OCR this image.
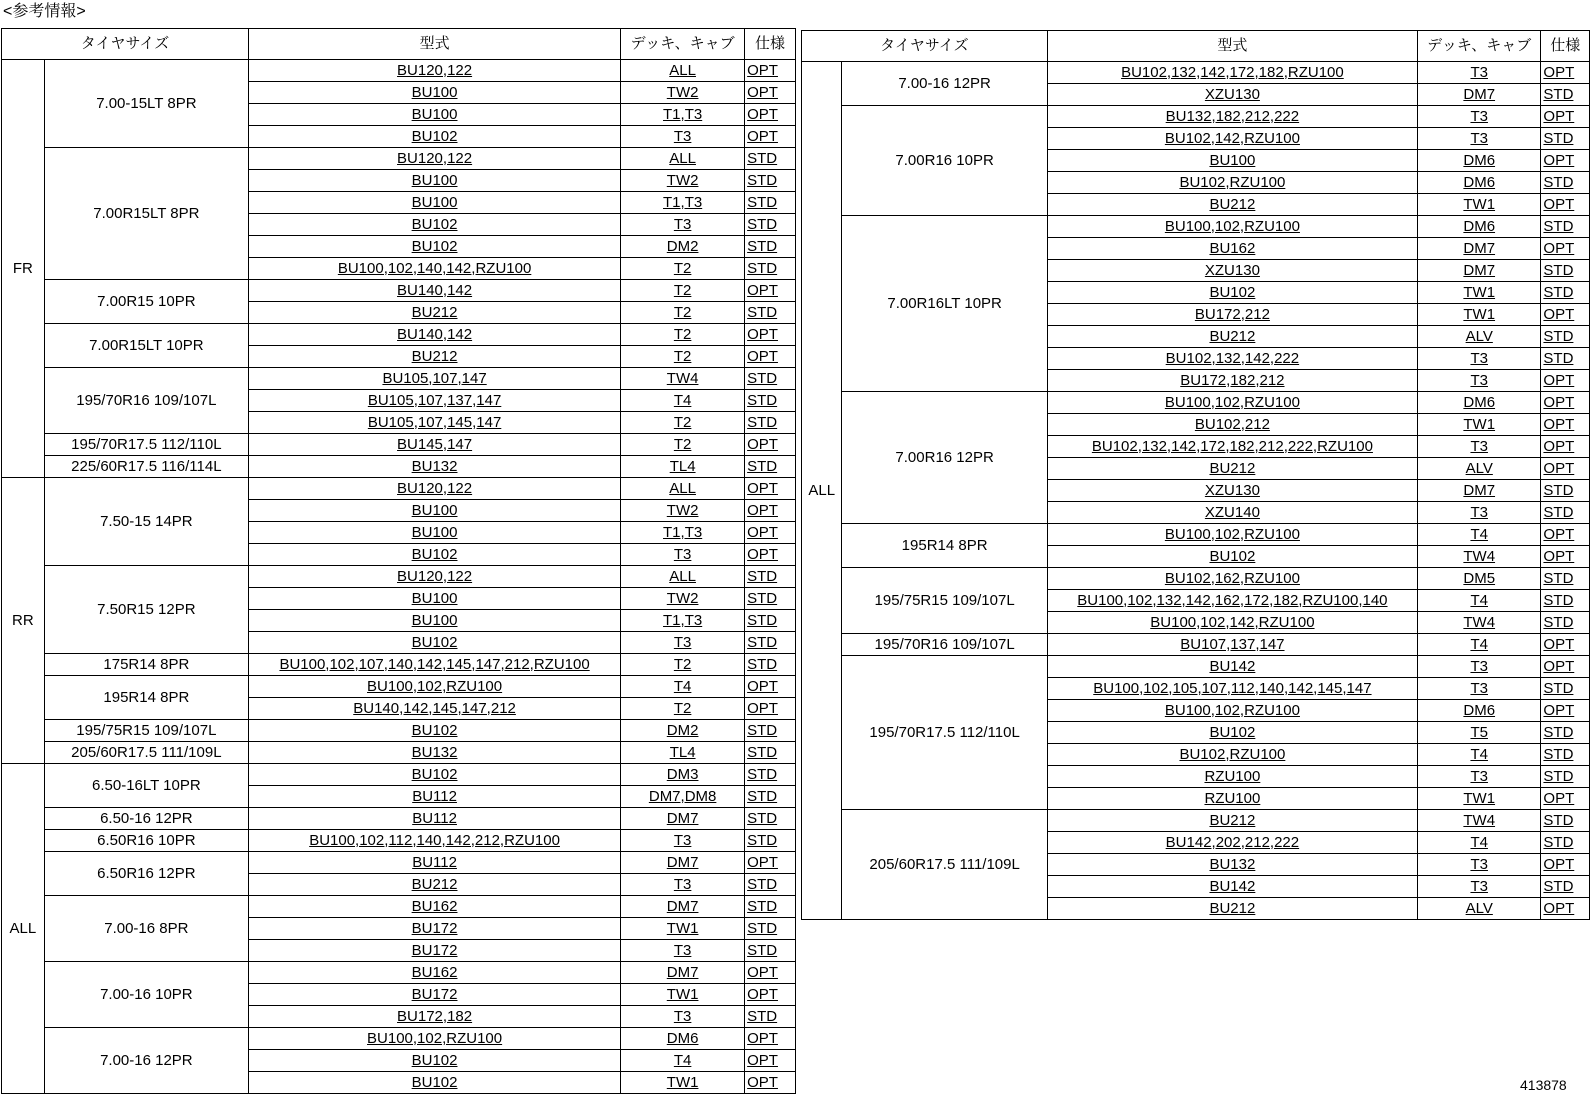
<参考情報>
タイヤサイズ		型式	デッキ、キャブ	仕様
FR	7.00-15LT 8PR	BU120,122	ALL	OPT
		BU100	TW2	OPT
		BU100	T1,T3	OPT
		BU102	T3	OPT
	7.00R15LT 8PR	BU120,122	ALL	STD
		BU100	TW2	STD
		BU100	T1,T3	STD
		BU102	T3	STD
		BU102	DM2	STD
		BU100,102,140,142,RZU100	T2	STD
	7.00R15 10PR	BU140,142	T2	OPT
		BU212	T2	STD
	7.00R15LT 10PR	BU140,142	T2	OPT
		BU212	T2	OPT
	195/70R16 109/107L	BU105,107,147	TW4	STD
		BU105,107,137,147	T4	STD
		BU105,107,145,147	T2	STD
	195/70R17.5 112/110L	BU145,147	T2	OPT
	225/60R17.5 116/114L	BU132	TL4	STD
RR	7.50-15 14PR	BU120,122	ALL	OPT
		BU100	TW2	OPT
		BU100	T1,T3	OPT
		BU102	T3	OPT
	7.50R15 12PR	BU120,122	ALL	STD
		BU100	TW2	STD
		BU100	T1,T3	STD
		BU102	T3	STD
	175R14 8PR	BU100,102,107,140,142,145,147,212,RZU100	T2	STD
	195R14 8PR	BU100,102,RZU100	T4	OPT
		BU140,142,145,147,212	T2	OPT
	195/75R15 109/107L	BU102	DM2	STD
	205/60R17.5 111/109L	BU132	TL4	STD
ALL	6.50-16LT 10PR	BU102	DM3	STD
		BU112	DM7,DM8	STD
	6.50-16 12PR	BU112	DM7	STD
	6.50R16 10PR	BU100,102,112,140,142,212,RZU100	T3	STD
	6.50R16 12PR	BU112	DM7	OPT
		BU212	T3	STD
	7.00-16 8PR	BU162	DM7	STD
		BU172	TW1	STD
		BU172	T3	STD
	7.00-16 10PR	BU162	DM7	OPT
		BU172	TW1	OPT
		BU172,182	T3	STD
	7.00-16 12PR	BU100,102,RZU100	DM6	OPT
		BU102	T4	OPT
		BU102	TW1	OPT
タイヤサイズ		型式	デッキ、キャブ	仕様
ALL	7.00-16 12PR	BU102,132,142,172,182,RZU100	T3	OPT
		XZU130	DM7	STD
	7.00R16 10PR	BU132,182,212,222	T3	OPT
		BU102,142,RZU100	T3	STD
		BU100	DM6	OPT
		BU102,RZU100	DM6	STD
		BU212	TW1	OPT
	7.00R16LT 10PR	BU100,102,RZU100	DM6	STD
		BU162	DM7	OPT
		XZU130	DM7	STD
		BU102	TW1	STD
		BU172,212	TW1	OPT
		BU212	ALV	STD
		BU102,132,142,222	T3	STD
		BU172,182,212	T3	OPT
	7.00R16 12PR	BU100,102,RZU100	DM6	OPT
		BU102,212	TW1	OPT
		BU102,132,142,172,182,212,222,RZU100	T3	OPT
		BU212	ALV	OPT
		XZU130	DM7	STD
		XZU140	T3	STD
	195R14 8PR	BU100,102,RZU100	T4	OPT
		BU102	TW4	OPT
	195/75R15 109/107L	BU102,162,RZU100	DM5	STD
		BU100,102,132,142,162,172,182,RZU100,140	T4	STD
		BU100,102,142,RZU100	TW4	STD
	195/70R16 109/107L	BU107,137,147	T4	OPT
	195/70R17.5 112/110L	BU142	T3	OPT
		BU100,102,105,107,112,140,142,145,147	T3	STD
		BU100,102,RZU100	DM6	OPT
		BU102	T5	STD
		BU102,RZU100	T4	STD
		RZU100	T3	STD
		RZU100	TW1	OPT
	205/60R17.5 111/109L	BU212	TW4	STD
		BU142,202,212,222	T4	STD
		BU132	T3	OPT
		BU142	T3	STD
		BU212	ALV	OPT
413878
